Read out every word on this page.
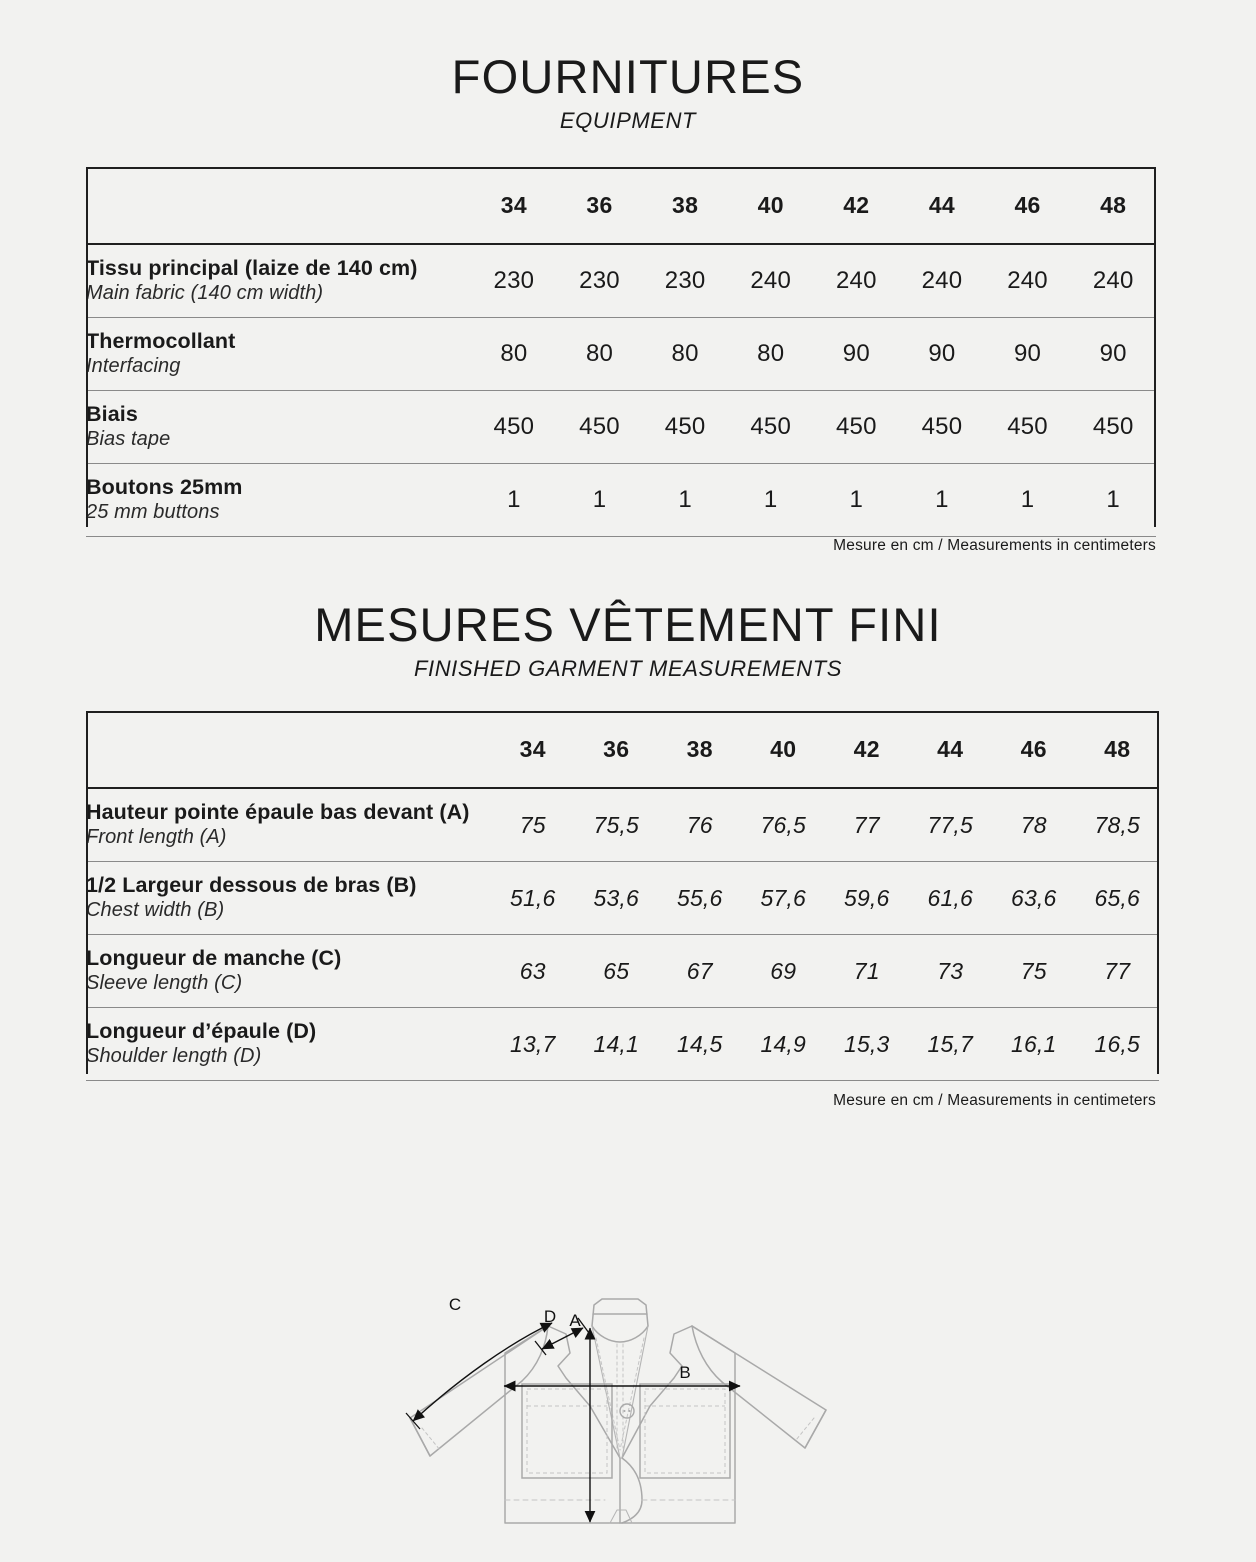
FOURNITURES
EQUIPMENT
	34	36	38	40	42	44	46	48

Tissu principal (laize de 140 cm)
Main fabric (140 cm width)	230	230	230	240	240	240	240	240

Thermocollant
Interfacing	80	80	80	80	90	90	90	90

Biais
Bias tape	450	450	450	450	450	450	450	450

Boutons 25mm
25 mm buttons	1	1	1	1	1	1	1	1
Mesure en cm / Measurements in centimeters
MESURES VÊTEMENT FINI
FINISHED GARMENT MEASUREMENTS
	34	36	38	40	42	44	46	48

Hauteur pointe épaule bas devant (A)
Front length (A)	75	75,5	76	76,5	77	77,5	78	78,5

1/2 Largeur dessous de bras (B)
Chest width (B)	51,6	53,6	55,6	57,6	59,6	61,6	63,6	65,6

Longueur de manche (C)
Sleeve length (C)	63	65	67	69	71	73	75	77

Longueur d’épaule (D)
Shoulder length (D)	13,7	14,1	14,5	14,9	15,3	15,7	16,1	16,5
Mesure en cm / Measurements in centimeters
A
B
C
D
